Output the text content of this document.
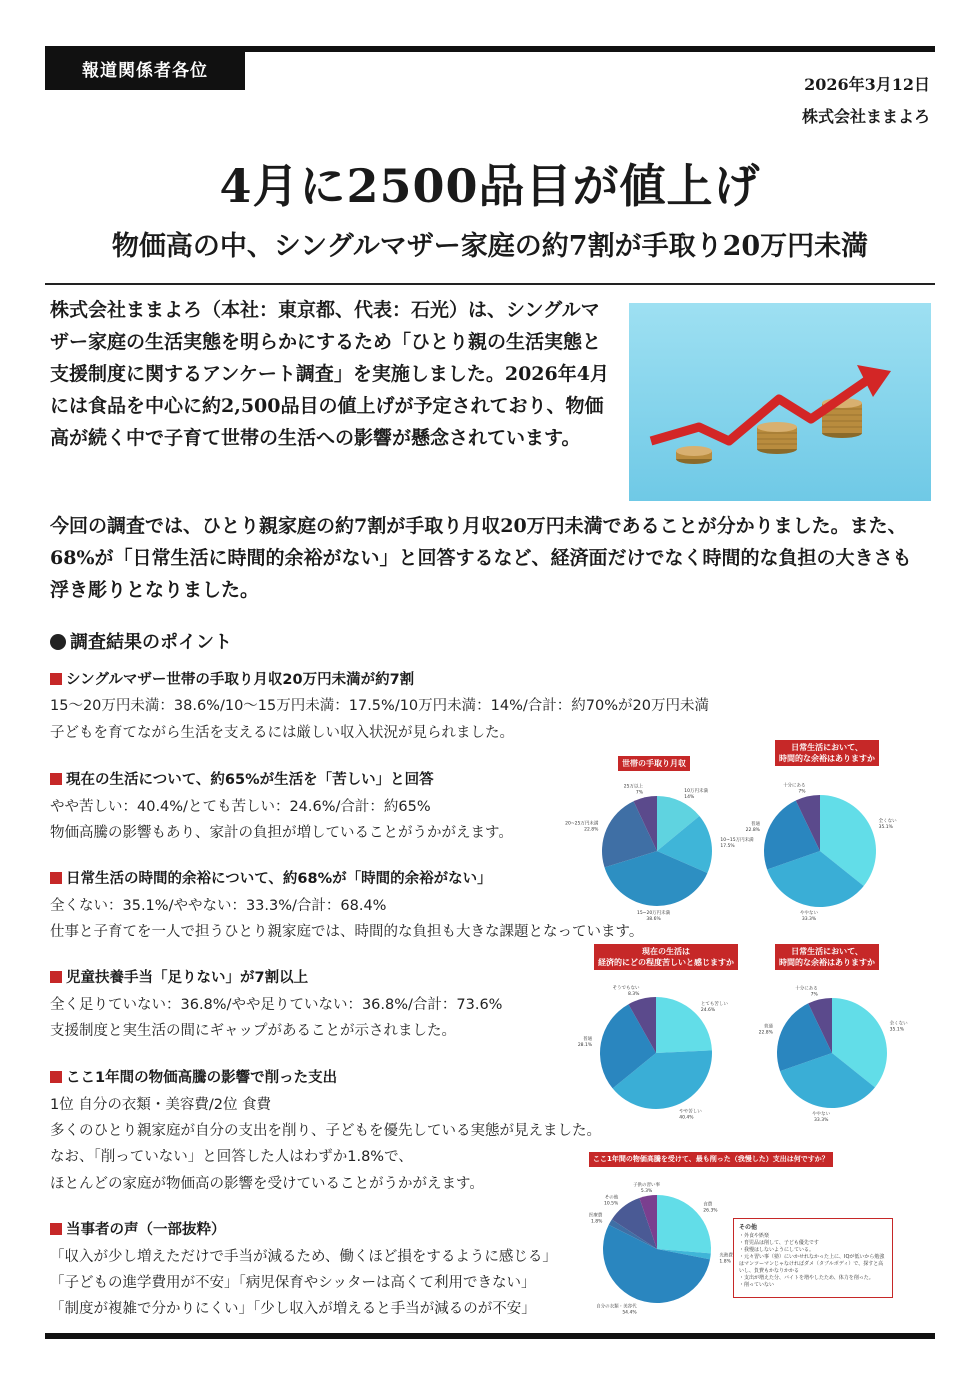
報道関係者各位
2026年3月12日
株式会社ままよろ
4月に2500品目が値上げ
物価高の中、シングルマザー家庭の約7割が手取り20万円未満
株式会社ままよろ（本社：東京都、代表：石光）は、シングルマザー家庭の生活実態を明らかにするため「ひとり親の生活実態と支援制度に関するアンケート調査」を実施しました。2026年4月には食品を中心に約2,500品目の値上げが予定されており、物価高が続く中で子育て世帯の生活への影響が懸念されています。
今回の調査では、ひとり親家庭の約7割が手取り月収20万円未満であることが分かりました。また、68%が「日常生活に時間的余裕がない」と回答するなど、経済面だけでなく時間的な負担の大きさも浮き彫りとなりました。
調査結果のポイント
シングルマザー世帯の手取り月収20万円未満が約7割
15～20万円未満：38.6%/10～15万円未満：17.5%/10万円未満：14%/合計：約70%が20万円未満
子どもを育てながら生活を支えるには厳しい収入状況が見られました。
現在の生活について、約65%が生活を「苦しい」と回答
やや苦しい：40.4%/とても苦しい：24.6%/合計：約65%
物価高騰の影響もあり、家計の負担が増していることがうかがえます。
日常生活の時間的余裕について、約68%が「時間的余裕がない」
全くない：35.1%/ややない：33.3%/合計：68.4%
仕事と子育てを一人で担うひとり親家庭では、時間的な負担も大きな課題となっています。
児童扶養手当「足りない」が7割以上
全く足りていない：36.8%/やや足りていない：36.8%/合計：73.6%
支援制度と実生活の間にギャップがあることが示されました。
ここ1年間の物価高騰の影響で削った支出
1位 自分の衣類・美容費/2位 食費
多くのひとり親家庭が自分の支出を削り、子どもを優先している実態が見えました。
なお、「削っていない」と回答した人はわずか1.8%で、
ほとんどの家庭が物価高の影響を受けていることがうかがえます。
当事者の声（一部抜粋）
「収入が少し増えただけで手当が減るため、働くほど損をするように感じる」
「子どもの進学費用が不安」「病児保育やシッターは高くて利用できない」
「制度が複雑で分かりにくい」「少し収入が増えると手当が減るのが不安」
世帯の手取り月収
日常生活において、
時間的な余裕はありますか
現在の生活は
経済的にどの程度苦しいと感じますか
日常生活において、
時間的な余裕はありますか
ここ1年間の物価高騰を受けて、最も削った（我慢した）支出は何ですか？
10万円未満
14%
10~15万円未満
17.5%
15~20万円未満
38.6%
20~25万円未満
22.8%
25万以上
7%
全くない
35.1%
ややない
33.3%
普通
22.8%
十分にある
7%
とても苦しい
24.6%
やや苦しい
40.4%
普通
28.1%
そうでもない
8.3%
全くない
35.1%
ややない
33.3%
普通
22.8%
十分にある
7%
食費
26.3%
光熱費
1.8%
自分の衣類・美容代
54.4%
医療費
1.8%
その他
10.5%
子供の習い事
5.3%
その他
・外食や娯楽
・育児品は削して、子ども優先です
・我慢はしないようにしている。
・元々習い事（塾）にいかせれなかった上に、IQが低いから勉強はマンツーマンじゃなければダメ（タブルボディ）で、探すと高いし、負費もかなりかかる
・支出が増えた分、バイトを増やしたため、体力を削った。
・削っていない
